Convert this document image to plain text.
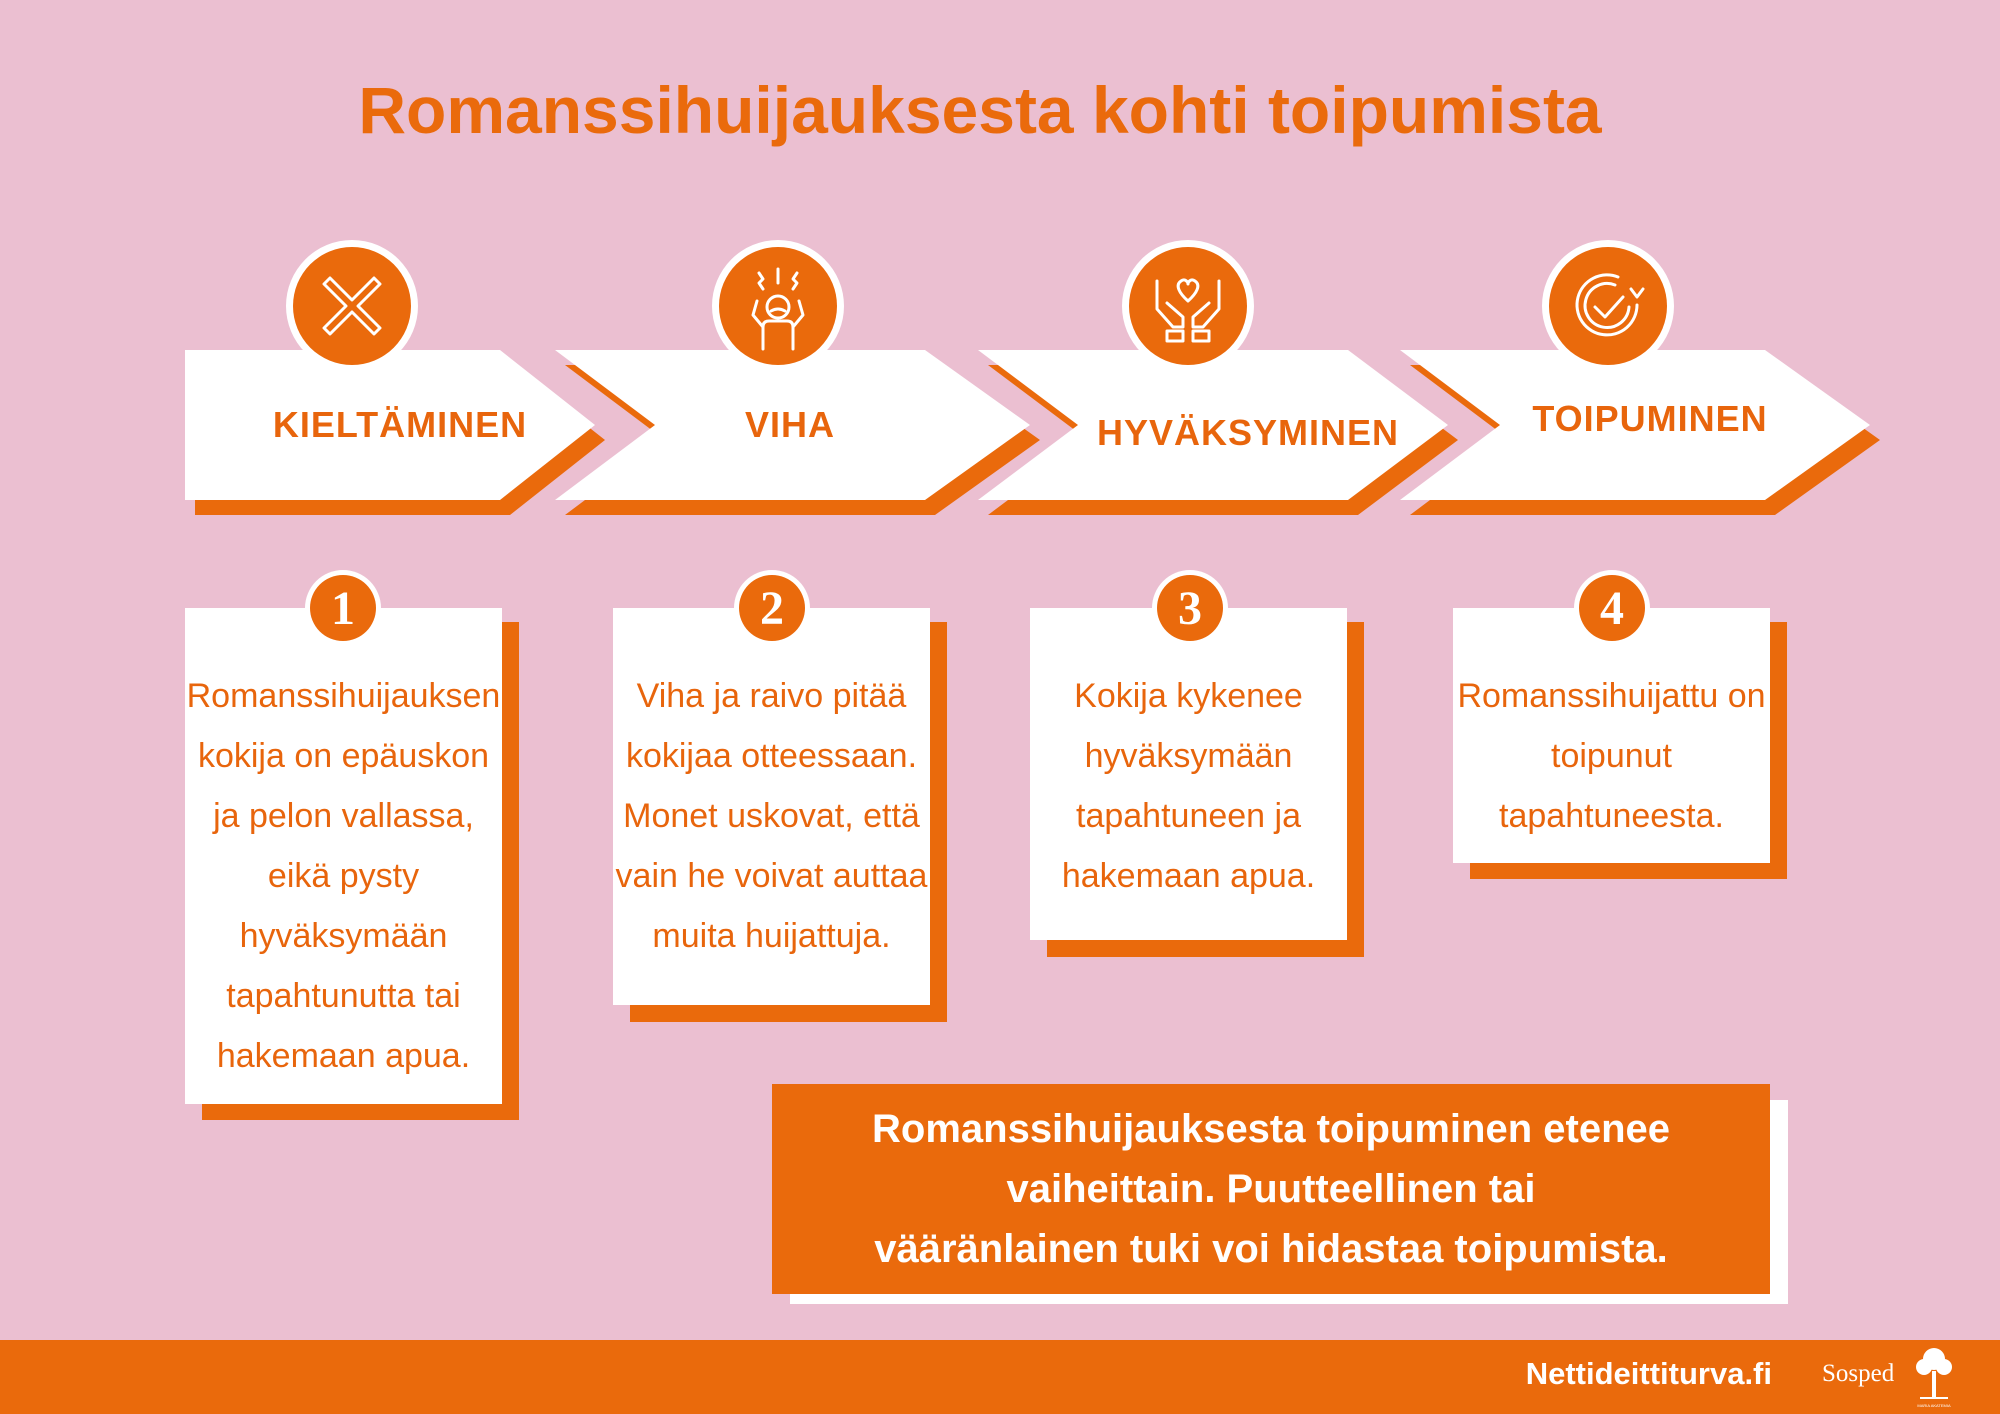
Romanssihuijauksesta kohti toipumista
KIELTÄMINEN	VIHA	HYVÄKSYMINEN	TOIPUMINEN
Romanssihuijauksen
kokija on epäuskon
ja pelon vallassa,
eikä pysty
hyväksymään
tapahtunutta tai
hakemaan apua.
1
Viha ja raivo pitää
kokijaa otteessaan.
Monet uskovat, että
vain he voivat auttaa
muita huijattuja.
2
Kokija kykenee
hyväksymään
tapahtuneen ja
hakemaan apua.
3
Romanssihuijattu on
toipunut
tapahtuneesta.
4
Romanssihuijauksesta toipuminen etenee
vaiheittain. Puutteellinen tai
vääränlainen tuki voi hidastaa toipumista.
Nettideittiturva.fi Sosped
MARIA AKATEMIA
